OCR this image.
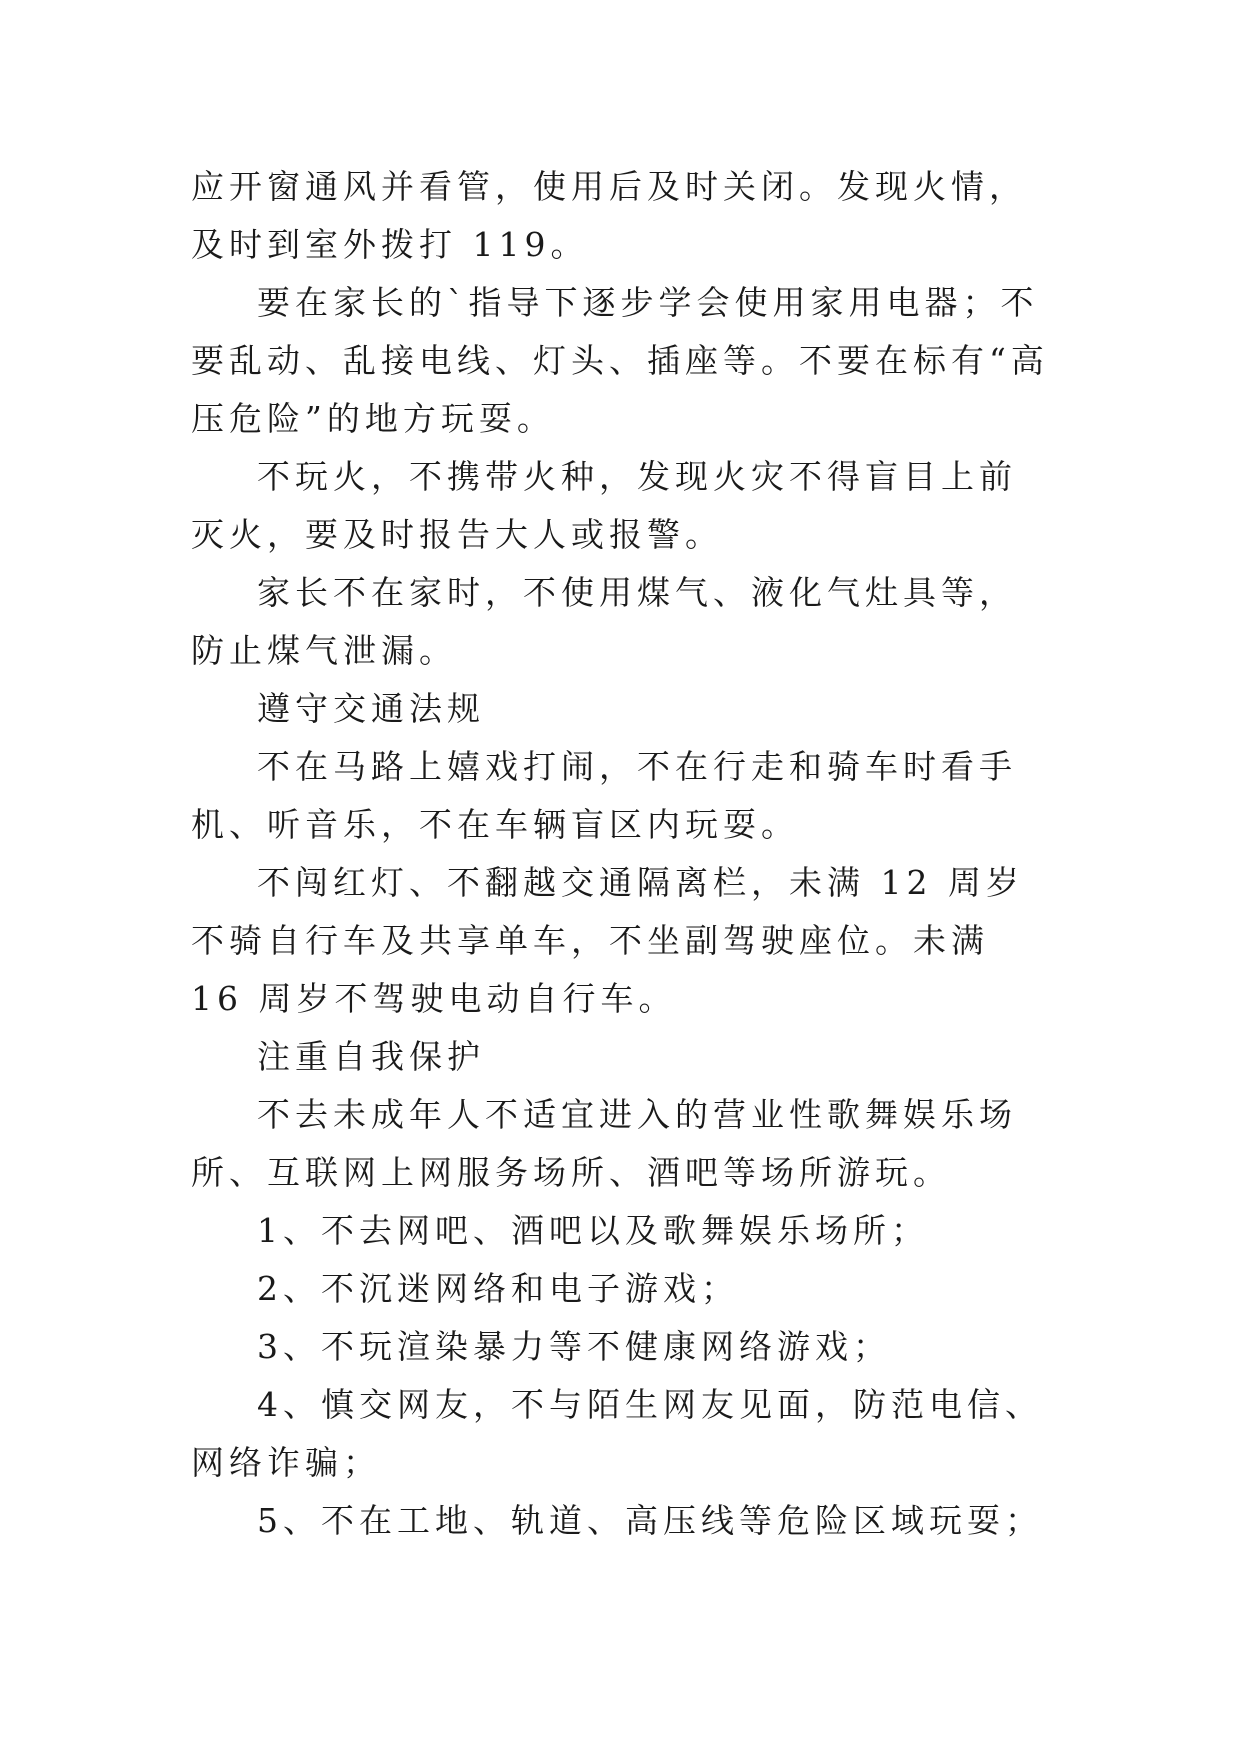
应开窗通风并看管，使用后及时关闭。发现火情，及时到室外拨打 119。

要在家长的`指导下逐步学会使用家用电器；不要乱动、乱接电线、灯头、插座等。不要在标有“高压危险”的地方玩耍。

不玩火，不携带火种，发现火灾不得盲目上前灭火，要及时报告大人或报警。

家长不在家时，不使用煤气、液化气灶具等，防止煤气泄漏。

遵守交通法规

不在马路上嬉戏打闹，不在行走和骑车时看手机、听音乐，不在车辆盲区内玩耍。

不闯红灯、不翻越交通隔离栏，未满 12 周岁不骑自行车及共享单车，不坐副驾驶座位。未满 16 周岁不驾驶电动自行车。

注重自我保护

不去未成年人不适宜进入的营业性歌舞娱乐场所、互联网上网服务场所、酒吧等场所游玩。

1、不去网吧、酒吧以及歌舞娱乐场所；

2、不沉迷网络和电子游戏；

3、不玩渲染暴力等不健康网络游戏；

4、慎交网友，不与陌生网友见面，防范电信、网络诈骗；

5、不在工地、轨道、高压线等危险区域玩耍；
